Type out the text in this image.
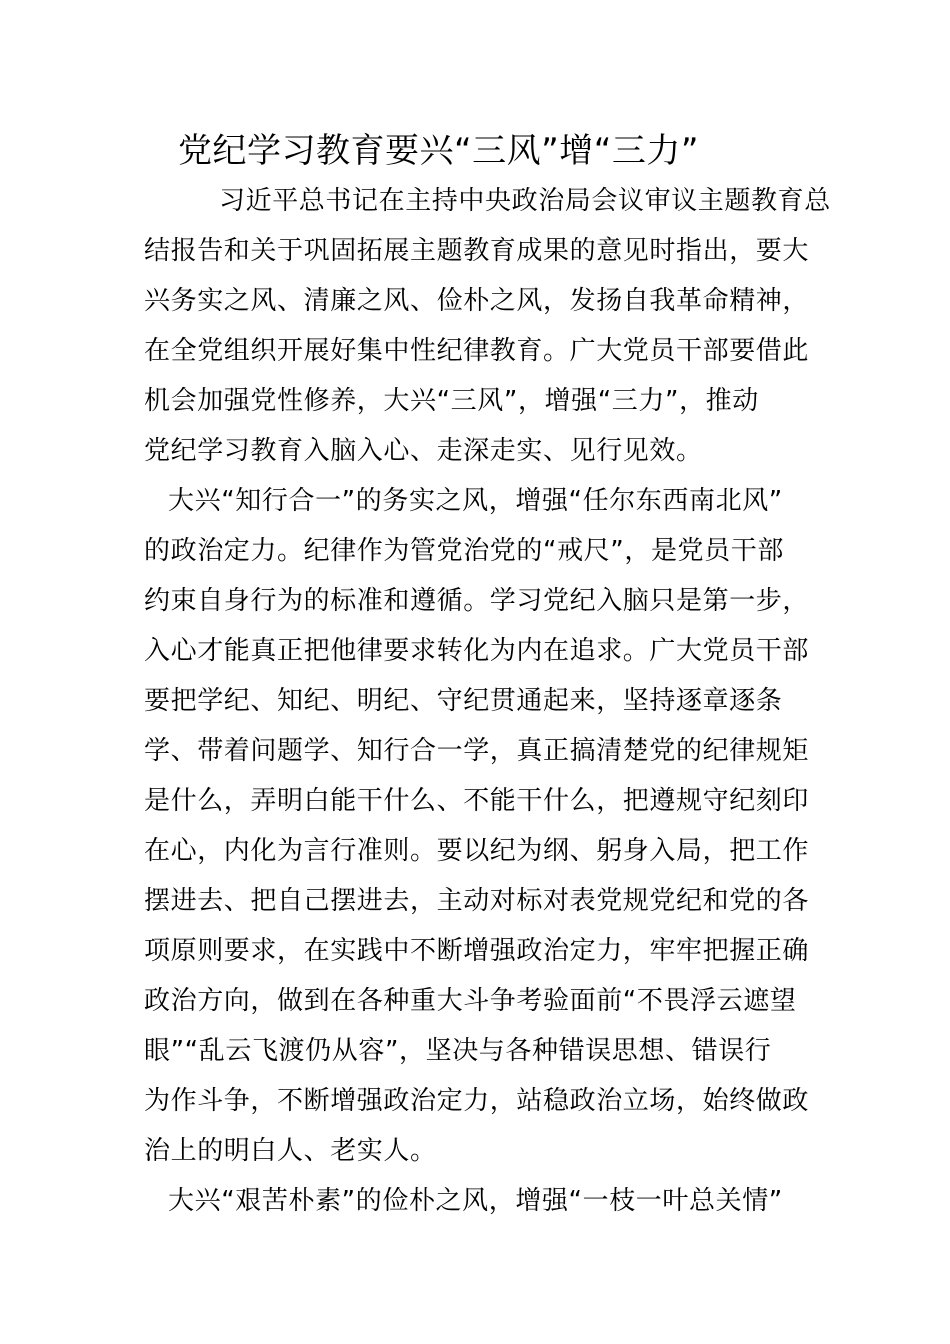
党纪学习教育要兴“三风”增“三力”
习近平总书记在主持中央政治局会议审议主题教育总
结报告和关于巩固拓展主题教育成果的意见时指出，要大
兴务实之风、清廉之风、俭朴之风，发扬自我革命精神，
在全党组织开展好集中性纪律教育。广大党员干部要借此
机会加强党性修养，大兴“三风”，增强“三力”，推动
党纪学习教育入脑入心、走深走实、见行见效。
大兴“知行合一”的务实之风，增强“任尔东西南北风”
的政治定力。纪律作为管党治党的“戒尺”，是党员干部
约束自身行为的标准和遵循。学习党纪入脑只是第一步，
入心才能真正把他律要求转化为内在追求。广大党员干部
要把学纪、知纪、明纪、守纪贯通起来，坚持逐章逐条
学、带着问题学、知行合一学，真正搞清楚党的纪律规矩
是什么，弄明白能干什么、不能干什么，把遵规守纪刻印
在心，内化为言行准则。要以纪为纲、躬身入局，把工作
摆进去、把自己摆进去，主动对标对表党规党纪和党的各
项原则要求，在实践中不断增强政治定力，牢牢把握正确
政治方向，做到在各种重大斗争考验面前“不畏浮云遮望
眼”“乱云飞渡仍从容”，坚决与各种错误思想、错误行
为作斗争，不断增强政治定力，站稳政治立场，始终做政
治上的明白人、老实人。
大兴“艰苦朴素”的俭朴之风，增强“一枝一叶总关情”
